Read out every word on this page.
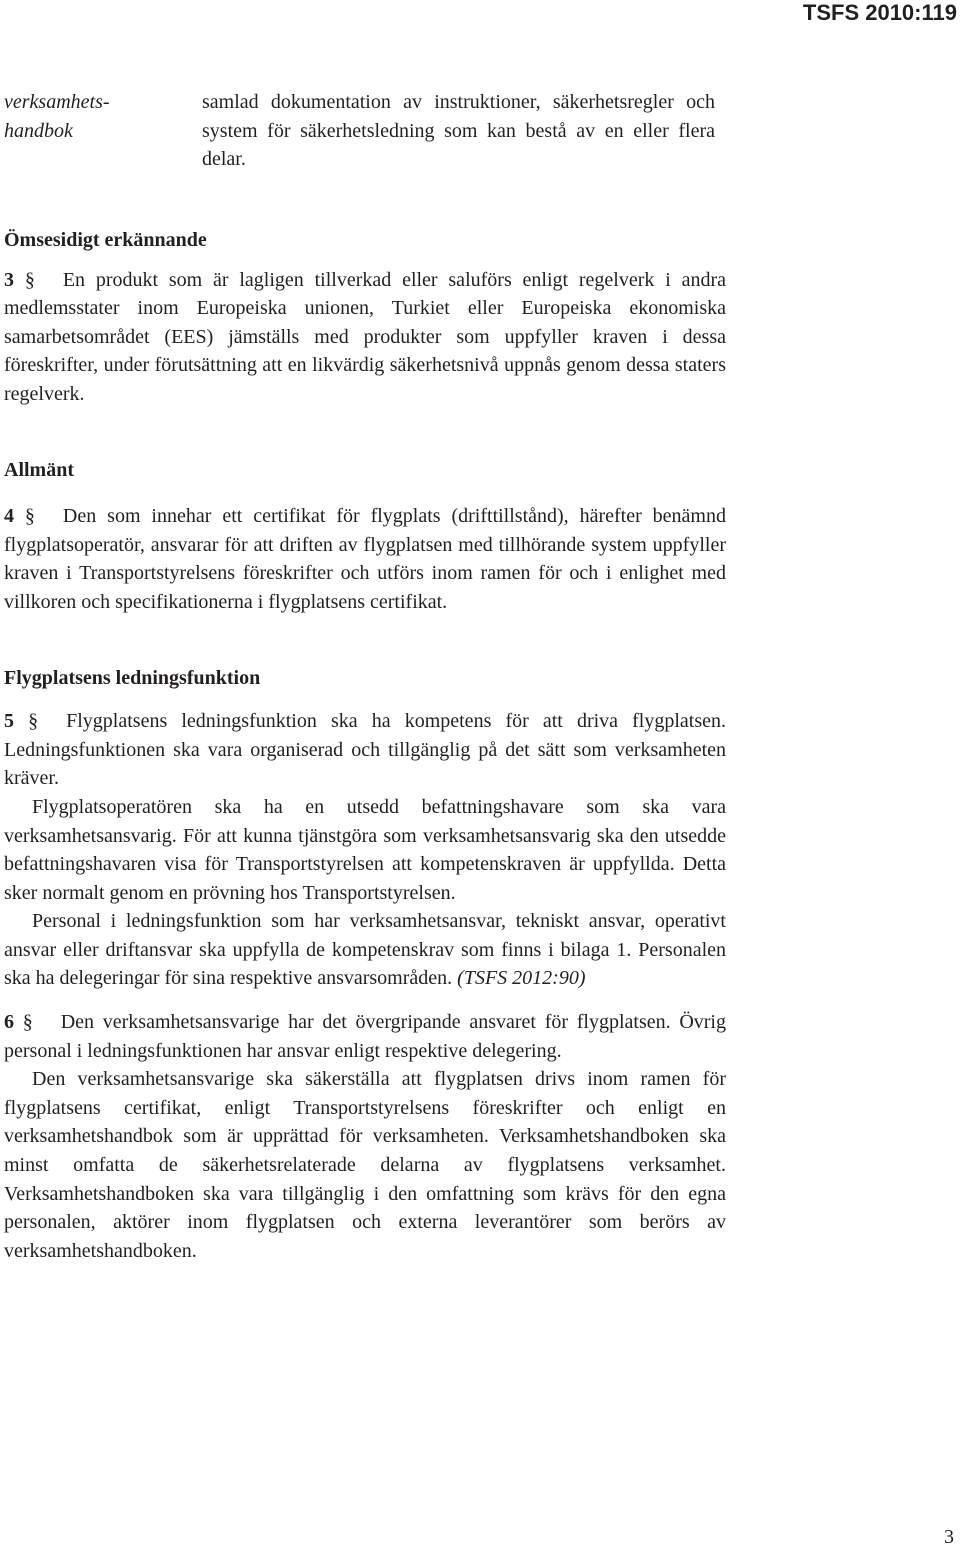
TSFS 2010:119
verksamhets-
handbok
samlad dokumentation av instruktioner, säkerhetsregler och system för säkerhetsledning som kan bestå av en eller flera delar.
Ömsesidigt erkännande

3 § En produkt som är lagligen tillverkad eller saluförs enligt regelverk i andra medlemsstater inom Europeiska unionen, Turkiet eller Europeiska ekonomiska samarbetsområdet (EES) jämställs med produkter som uppfyller kraven i dessa föreskrifter, under förutsättning att en likvärdig säkerhetsnivå uppnås genom dessa staters regelverk.

Allmänt

4 § Den som innehar ett certifikat för flygplats (drifttillstånd), härefter benämnd flygplatsoperatör, ansvarar för att driften av flygplatsen med tillhörande system uppfyller kraven i Transportstyrelsens föreskrifter och utförs inom ramen för och i enlighet med villkoren och specifikationerna i flygplatsens certifikat.

Flygplatsens ledningsfunktion

5 § Flygplatsens ledningsfunktion ska ha kompetens för att driva flygplatsen. Ledningsfunktionen ska vara organiserad och tillgänglig på det sätt som verksamheten kräver.

Flygplatsoperatören ska ha en utsedd befattningshavare som ska vara verksamhetsansvarig. För att kunna tjänstgöra som verksamhetsansvarig ska den utsedde befattningshavaren visa för Transportstyrelsen att kompetenskraven är uppfyllda. Detta sker normalt genom en prövning hos Transportstyrelsen.

Personal i ledningsfunktion som har verksamhetsansvar, tekniskt ansvar, operativt ansvar eller driftansvar ska uppfylla de kompetenskrav som finns i bilaga 1. Personalen ska ha delegeringar för sina respektive ansvarsområden. (TSFS 2012:90)

6 § Den verksamhetsansvarige har det övergripande ansvaret för flygplatsen. Övrig personal i ledningsfunktionen har ansvar enligt respektive delegering.

Den verksamhetsansvarige ska säkerställa att flygplatsen drivs inom ramen för flygplatsens certifikat, enligt Transportstyrelsens föreskrifter och enligt en verksamhetshandbok som är upprättad för verksamheten. Verksamhetshandboken ska minst omfatta de säkerhetsrelaterade delarna av flygplatsens verksamhet. Verksamhetshandboken ska vara tillgänglig i den omfattning som krävs för den egna personalen, aktörer inom flygplatsen och externa leverantörer som berörs av verksamhetshandboken.

3
